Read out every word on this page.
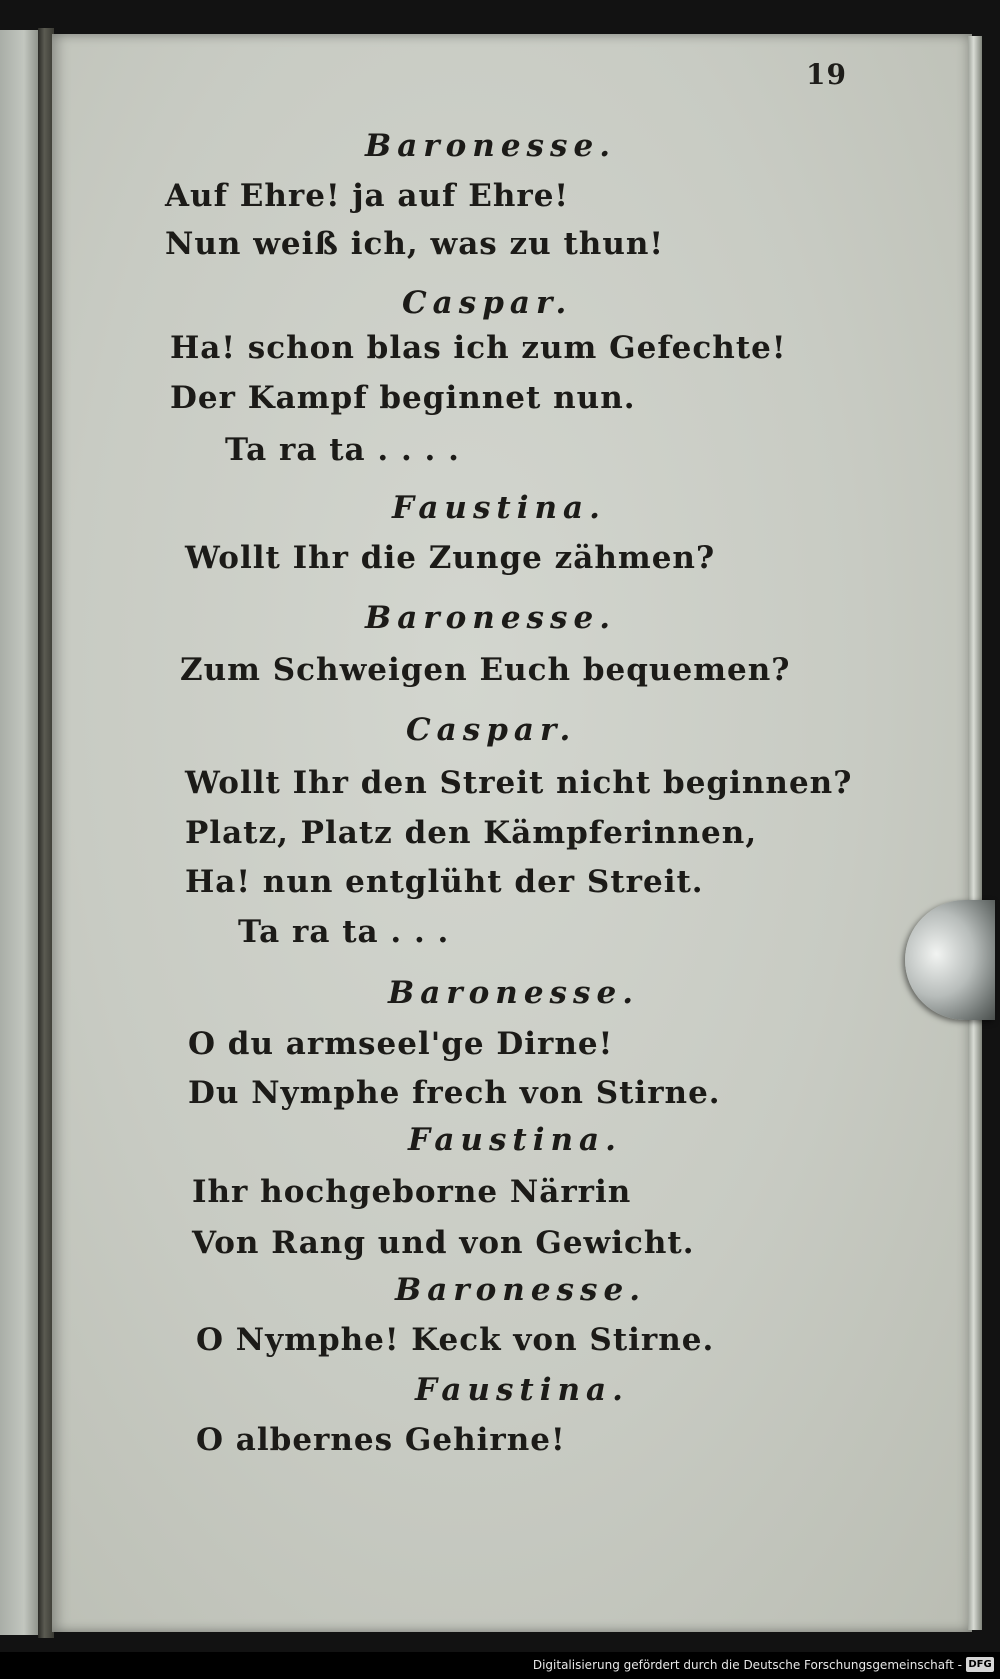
19
Baronesse.
Auf Ehre! ja auf Ehre!
Nun weiß ich, was zu thun!
Caspar.
Ha! schon blas ich zum Gefechte!
Der Kampf beginnet nun.
Ta ra ta . . . .
Faustina.
Wollt Ihr die Zunge zähmen?
Baronesse.
Zum Schweigen Euch bequemen?
Caspar.
Wollt Ihr den Streit nicht beginnen?
Platz, Platz den Kämpferinnen,
Ha! nun entglüht der Streit.
Ta ra ta . . .
Baronesse.
O du armseel'ge Dirne!
Du Nymphe frech von Stirne.
Faustina.
Ihr hochgeborne Närrin
Von Rang und von Gewicht.
Baronesse.
O Nymphe! Keck von Stirne.
Faustina.
O albernes Gehirne!
Digitalisierung gefördert durch die Deutsche Forschungsgemeinschaft - DFG
